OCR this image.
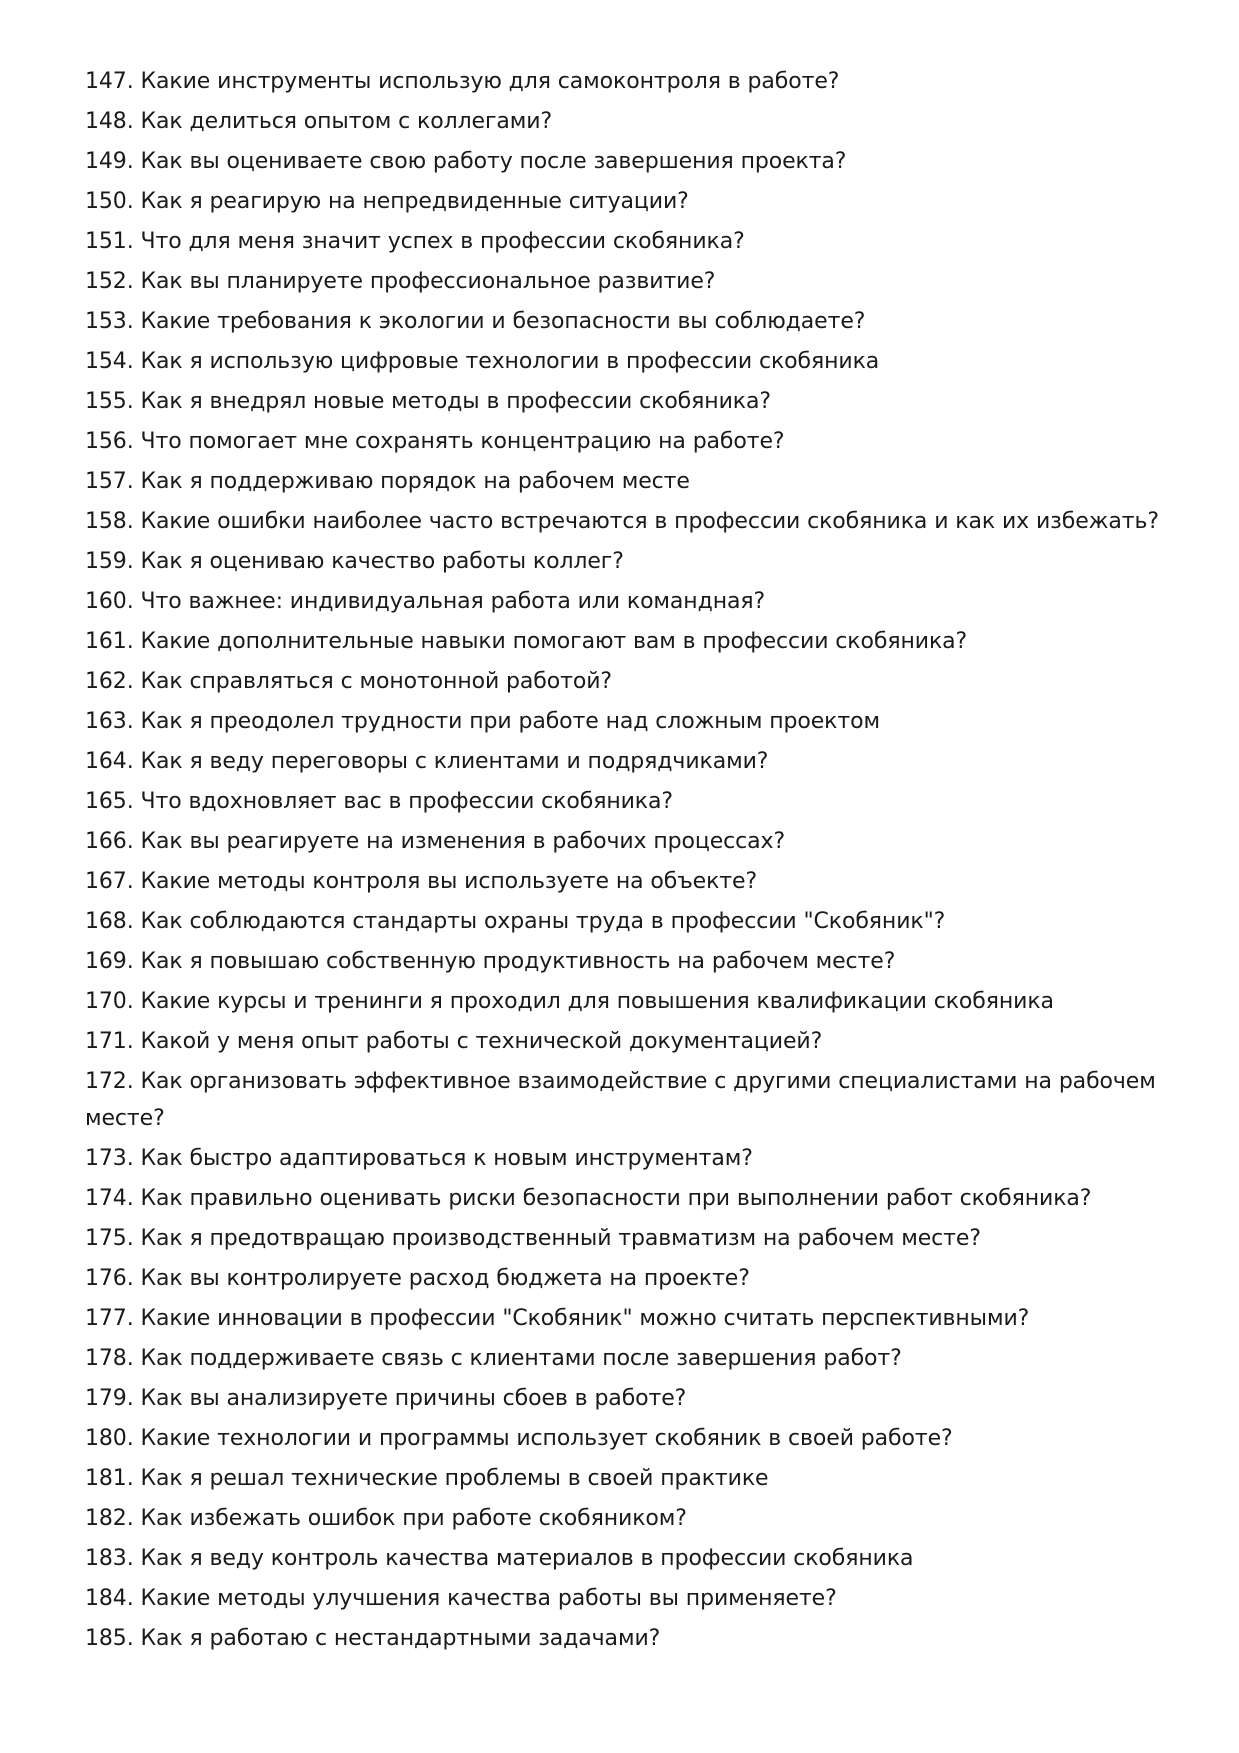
147. Какие инструменты использую для самоконтроля в работе?
148. Как делиться опытом с коллегами?
149. Как вы оцениваете свою работу после завершения проекта?
150. Как я реагирую на непредвиденные ситуации?
151. Что для меня значит успех в профессии скобяника?
152. Как вы планируете профессиональное развитие?
153. Какие требования к экологии и безопасности вы соблюдаете?
154. Как я использую цифровые технологии в профессии скобяника
155. Как я внедрял новые методы в профессии скобяника?
156. Что помогает мне сохранять концентрацию на работе?
157. Как я поддерживаю порядок на рабочем месте
158. Какие ошибки наиболее часто встречаются в профессии скобяника и как их избежать?
159. Как я оцениваю качество работы коллег?
160. Что важнее: индивидуальная работа или командная?
161. Какие дополнительные навыки помогают вам в профессии скобяника?
162. Как справляться с монотонной работой?
163. Как я преодолел трудности при работе над сложным проектом
164. Как я веду переговоры с клиентами и подрядчиками?
165. Что вдохновляет вас в профессии скобяника?
166. Как вы реагируете на изменения в рабочих процессах?
167. Какие методы контроля вы используете на объекте?
168. Как соблюдаются стандарты охраны труда в профессии "Скобяник"?
169. Как я повышаю собственную продуктивность на рабочем месте?
170. Какие курсы и тренинги я проходил для повышения квалификации скобяника
171. Какой у меня опыт работы с технической документацией?
172. Как организовать эффективное взаимодействие с другими специалистами на рабочем месте?
173. Как быстро адаптироваться к новым инструментам?
174. Как правильно оценивать риски безопасности при выполнении работ скобяника?
175. Как я предотвращаю производственный травматизм на рабочем месте?
176. Как вы контролируете расход бюджета на проекте?
177. Какие инновации в профессии "Скобяник" можно считать перспективными?
178. Как поддерживаете связь с клиентами после завершения работ?
179. Как вы анализируете причины сбоев в работе?
180. Какие технологии и программы использует скобяник в своей работе?
181. Как я решал технические проблемы в своей практике
182. Как избежать ошибок при работе скобяником?
183. Как я веду контроль качества материалов в профессии скобяника
184. Какие методы улучшения качества работы вы применяете?
185. Как я работаю с нестандартными задачами?
